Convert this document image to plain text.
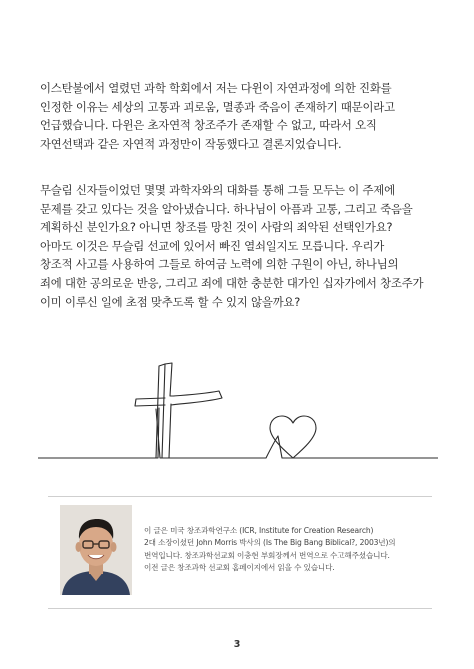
이스탄불에서 열렸던 과학 학회에서 저는 다윈이 자연과정에 의한 진화를
인정한 이유는 세상의 고통과 괴로움, 멸종과 죽음이 존재하기 때문이라고
언급했습니다. 다윈은 초자연적 창조주가 존재할 수 없고, 따라서 오직
자연선택과 같은 자연적 과정만이 작동했다고 결론지었습니다.

무슬림 신자들이었던 몇몇 과학자와의 대화를 통해 그들 모두는 이 주제에
문제를 갖고 있다는 것을 알아냈습니다. 하나님이 아픔과 고통, 그리고 죽음을
계획하신 분인가요? 아니면 창조를 망친 것이 사람의 죄악된 선택인가요?
아마도 이것은 무슬림 선교에 있어서 빠진 열쇠일지도 모릅니다. 우리가
창조적 사고를 사용하여 그들로 하여금 노력에 의한 구원이 아닌, 하나님의
죄에 대한 공의로운 반응, 그리고 죄에 대한 충분한 대가인 십자가에서 창조주가
이미 이루신 일에 초점 맞추도록 할 수 있지 않을까요?

이 글은 미국 창조과학연구소 (ICR, Institute for Creation Research)
2대 소장이셨던 John Morris 박사의 (Is The Big Bang Biblical?, 2003년)의
번역입니다. 창조과학선교회 이충현 부회장께서 번역으로 수고해주셨습니다.
이전 글은 창조과학 선교회 홈페이지에서 읽을 수 있습니다.

3
